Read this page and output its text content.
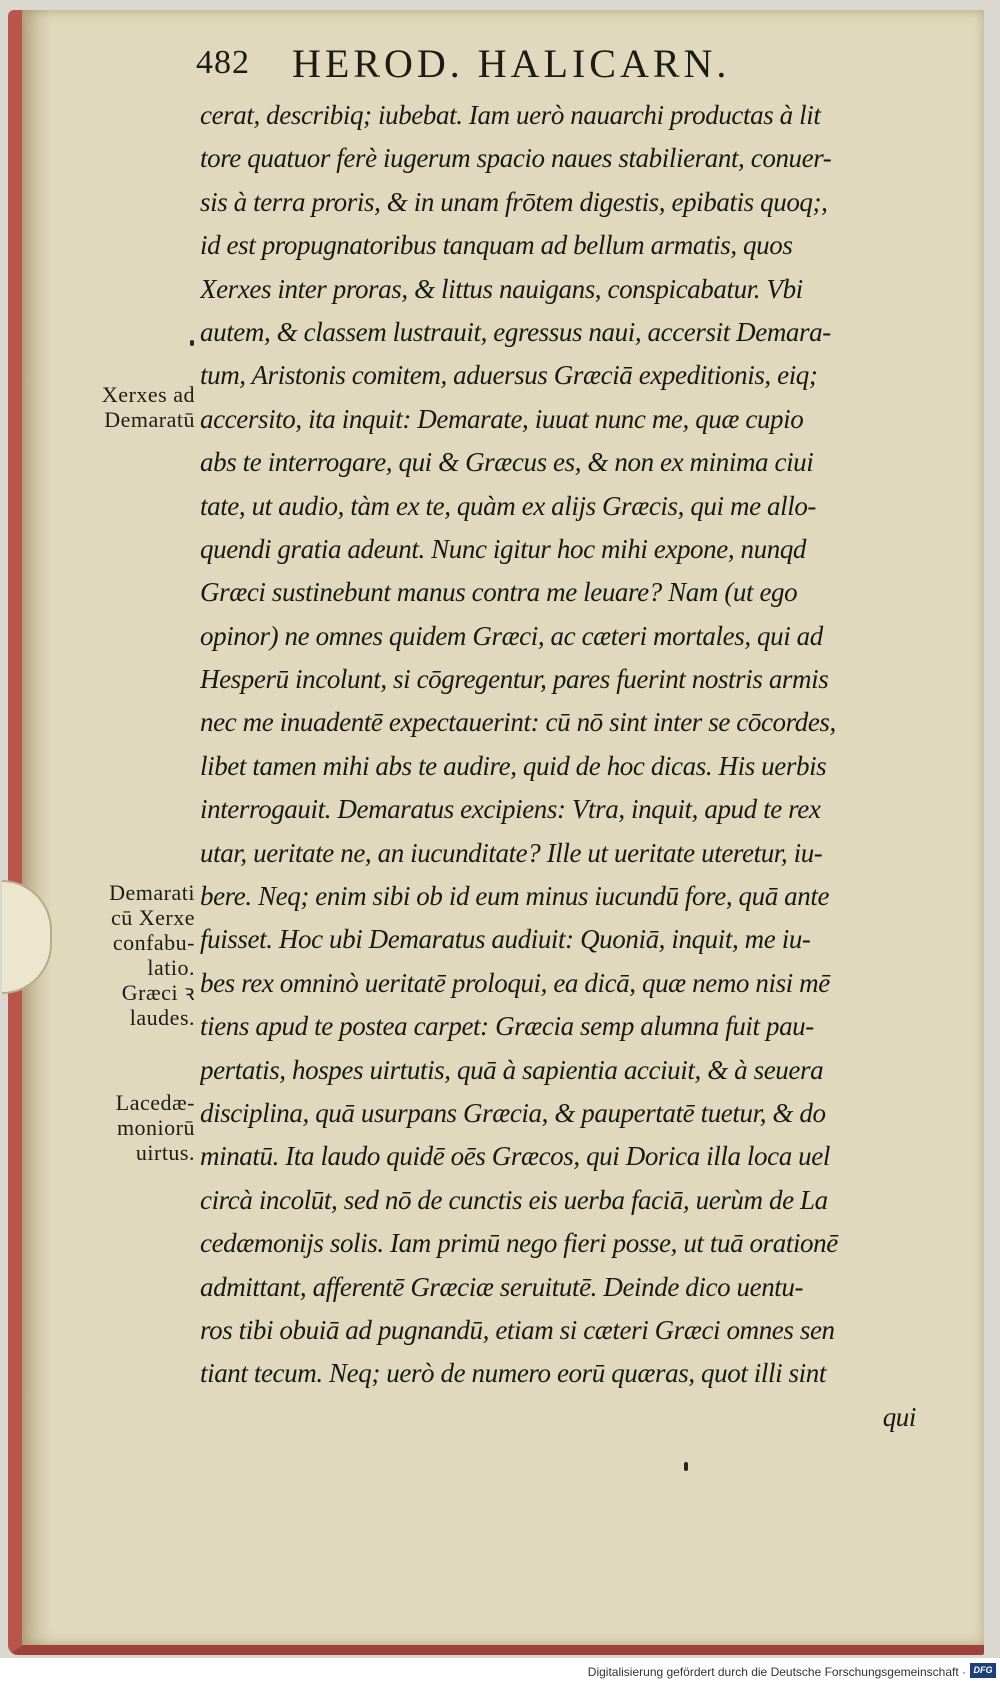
482 HEROD. HALICARN.
Xerxes ad
Demaratū
Demarati
cū Xerxe
confabu-
latio.
Græci ꝛ
laudes.
Lacedæ-
moniorū
uirtus.
cerat, describiq; iubebat. Iam uerò nauarchi productas à lit
tore quatuor ferè iugerum spacio naues stabilierant, conuer-
sis à terra proris, & in unam frōtem digestis, epibatis quoq;,
id est propugnatoribus tanquam ad bellum armatis, quos
Xerxes inter proras, & littus nauigans, conspicabatur. Vbi
autem, & classem lustrauit, egressus naui, accersit Demara-
tum, Aristonis comitem, aduersus Græciā expeditionis, eiq;
accersito, ita inquit: Demarate, iuuat nunc me, quæ cupio
abs te interrogare, qui & Græcus es, & non ex minima ciui
tate, ut audio, tàm ex te, quàm ex alijs Græcis, qui me allo-
quendi gratia adeunt. Nunc igitur hoc mihi expone, nunqd
Græci sustinebunt manus contra me leuare? Nam (ut ego
opinor) ne omnes quidem Græci, ac cæteri mortales, qui ad
Hesperū incolunt, si cōgregentur, pares fuerint nostris armis
nec me inuadentē expectauerint: cū nō sint inter se cōcordes,
libet tamen mihi abs te audire, quid de hoc dicas. His uerbis
interrogauit. Demaratus excipiens: Vtra, inquit, apud te rex
utar, ueritate ne, an iucunditate? Ille ut ueritate uteretur, iu-
bere. Neq; enim sibi ob id eum minus iucundū fore, quā ante
fuisset. Hoc ubi Demaratus audiuit: Quoniā, inquit, me iu-
bes rex omninò ueritatē proloqui, ea dicā, quæ nemo nisi mē
tiens apud te postea carpet: Græcia semp alumna fuit pau-
pertatis, hospes uirtutis, quā à sapientia acciuit, & à seuera
disciplina, quā usurpans Græcia, & paupertatē tuetur, & do
minatū. Ita laudo quidē oēs Græcos, qui Dorica illa loca uel
circà incolūt, sed nō de cunctis eis uerba faciā, uerùm de La
cedæmonijs solis. Iam primū nego fieri posse, ut tuā orationē
admittant, afferentē Græciæ seruitutē. Deinde dico uentu-
ros tibi obuiā ad pugnandū, etiam si cæteri Græci omnes sen
tiant tecum. Neq; uerò de numero eorū quæras, quot illi sint
qui
Digitalisierung gefördert durch die Deutsche Forschungsgemeinschaft · DFG
